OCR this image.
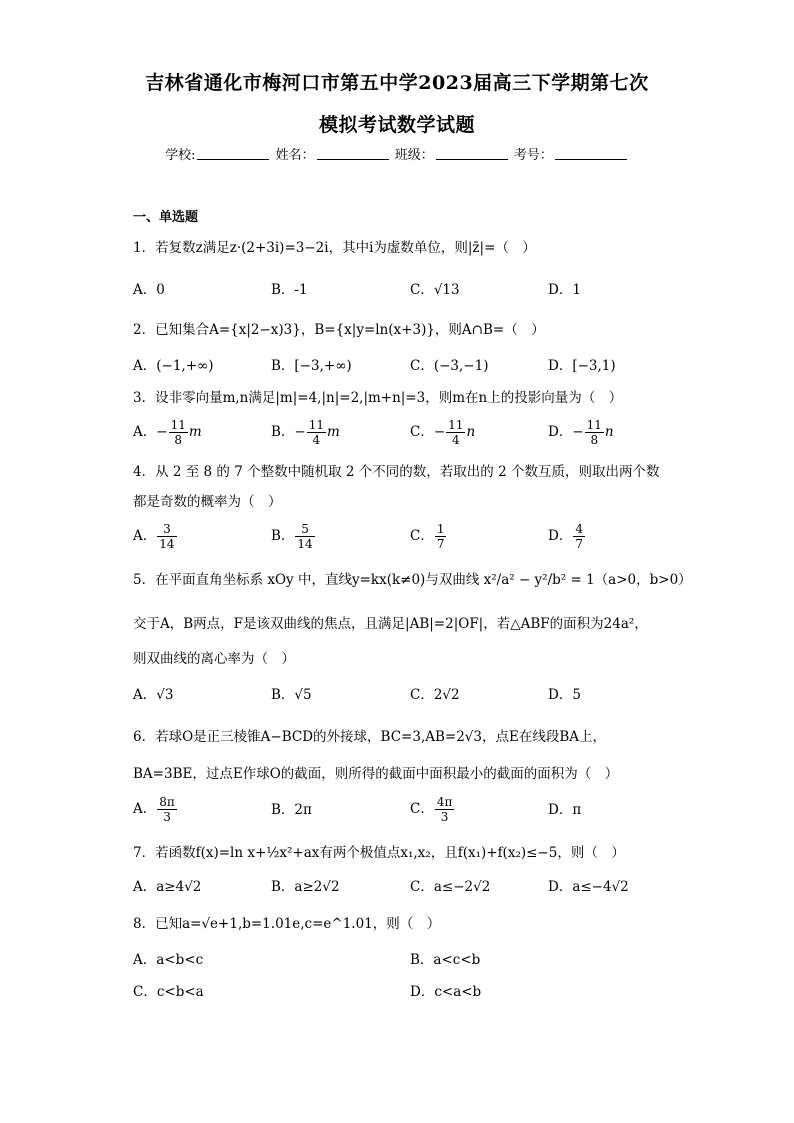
吉林省通化市梅河口市第五中学2023届高三下学期第七次
模拟考试数学试题
学校:	姓名：	班级：	考号：
一、单选题
1．若复数z满足z·(2+3i)=3−2i，其中i为虚数单位，则|z̄|=（　）
A．0	B．-1	C．√13	D．1
2．已知集合A={x|2−x)3}，B={x|y=ln(x+3)}，则A∩B=（　）
A．(−1,+∞)	B．[−3,+∞)	C．(−3,−1)	D．[−3,1)
3．设非零向量m,n满足|m|=4,|n|=2,|m+n|=3，则m在n上的投影向量为（　）
A．− $\frac{11}{8}$ m	B．− $\frac{11}{4}$ m	C．− $\frac{11}{4}$ n	D．− $\frac{11}{8}$ n
4．从 2 至 8 的 7 个整数中随机取 2 个不同的数，若取出的 2 个数互质，则取出两个数
都是奇数的概率为（　）
A． $\frac{3}{14}$	B． $\frac{5}{14}$	C． $\frac{1}{7}$	D． $\frac{4}{7}$
5．在平面直角坐标系 xOy 中，直线y=kx(k≠0)与双曲线 x²/a² − y²/b² = 1（a>0，b>0）
交于A，B两点，F是该双曲线的焦点，且满足|AB|=2|OF|，若△ABF的面积为24a²，
则双曲线的离心率为（　）
A．√3	B．√5	C．2√2	D．5
6．若球O是正三棱锥A−BCD的外接球，BC=3,AB=2√3，点E在线段BA上，
BA=3BE，过点E作球O的截面，则所得的截面中面积最小的截面的面积为（　）
A． $\frac{8\pi}{3}$	B．2π	C． $\frac{4\pi}{3}$	D．π
7．若函数f(x)=ln x+½x²+ax有两个极值点x₁,x₂，且f(x₁)+f(x₂)≤−5，则（　）
A．a≥4√2	B．a≥2√2	C．a≤−2√2	D．a≤−4√2
8．已知a=√e+1,b=1.01e,c=e^1.01，则（　）
A．a<b<c	B．a<c<b
C．c<b<a	D．c<a<b
